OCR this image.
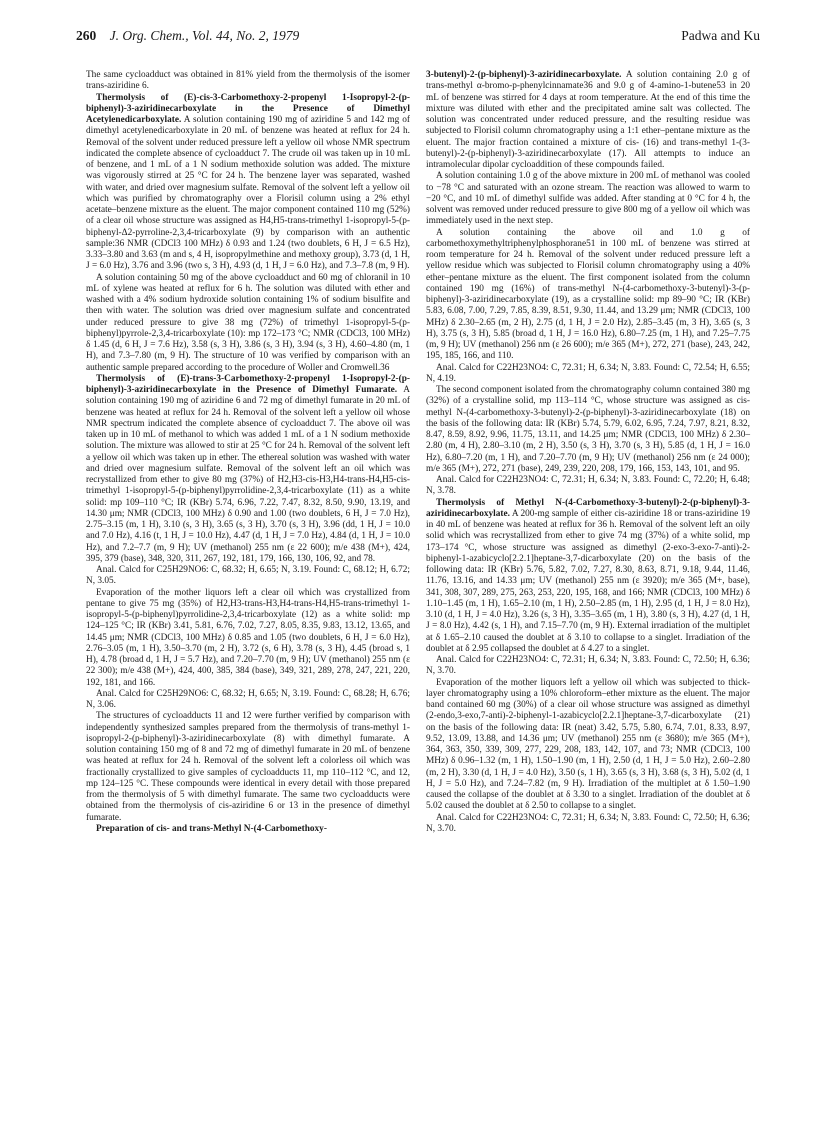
260 J. Org. Chem., Vol. 44, No. 2, 1979	Padwa and Ku

The same cycloadduct was obtained in 81% yield from the thermolysis of the isomer trans-aziridine 6.

Thermolysis of (E)-cis-3-Carbomethoxy-2-propenyl 1-Isopropyl-2-(p-biphenyl)-3-aziridinecarboxylate in the Presence of Dimethyl Acetylenedicarboxylate. A solution containing 190 mg of aziridine 5 and 142 mg of dimethyl acetylenedicarboxylate in 20 mL of benzene was heated at reflux for 24 h. Removal of the solvent under reduced pressure left a yellow oil whose NMR spectrum indicated the complete absence of cycloadduct 7. The crude oil was taken up in 10 mL of benzene, and 1 mL of a 1 N sodium methoxide solution was added. The mixture was vigorously stirred at 25 °C for 24 h. The benzene layer was separated, washed with water, and dried over magnesium sulfate. Removal of the solvent left a yellow oil which was purified by chromatography over a Florisil column using a 2% ethyl acetate–benzene mixture as the eluent. The major component contained 110 mg (52%) of a clear oil whose structure was assigned as H4,H5-trans-trimethyl 1-isopropyl-5-(p-biphenyl-Δ2-pyrroline-2,3,4-tricarboxylate (9) by comparison with an authentic sample:36 NMR (CDCl3 100 MHz) δ 0.93 and 1.24 (two doublets, 6 H, J = 6.5 Hz), 3.33–3.80 and 3.63 (m and s, 4 H, isopropylmethine and methoxy group), 3.73 (d, 1 H, J = 6.0 Hz), 3.76 and 3.96 (two s, 3 H), 4.93 (d, 1 H, J = 6.0 Hz), and 7.3–7.8 (m, 9 H).

A solution containing 50 mg of the above cycloadduct and 60 mg of chloranil in 10 mL of xylene was heated at reflux for 6 h. The solution was diluted with ether and washed with a 4% sodium hydroxide solution containing 1% of sodium bisulfite and then with water. The solution was dried over magnesium sulfate and concentrated under reduced pressure to give 38 mg (72%) of trimethyl 1-isopropyl-5-(p-biphenyl)pyrrole-2,3,4-tricarboxylate (10): mp 172–173 °C; NMR (CDCl3, 100 MHz) δ 1.45 (d, 6 H, J = 7.6 Hz), 3.58 (s, 3 H), 3.86 (s, 3 H), 3.94 (s, 3 H), 4.60–4.80 (m, 1 H), and 7.3–7.80 (m, 9 H). The structure of 10 was verified by comparison with an authentic sample prepared according to the procedure of Woller and Cromwell.36

Thermolysis of (E)-trans-3-Carbomethoxy-2-propenyl 1-Isopropyl-2-(p-biphenyl)-3-aziridinecarboxylate in the Presence of Dimethyl Fumarate. A solution containing 190 mg of aziridine 6 and 72 mg of dimethyl fumarate in 20 mL of benzene was heated at reflux for 24 h. Removal of the solvent left a yellow oil whose NMR spectrum indicated the complete absence of cycloadduct 7. The above oil was taken up in 10 mL of methanol to which was added 1 mL of a 1 N sodium methoxide solution. The mixture was allowed to stir at 25 °C for 24 h. Removal of the solvent left a yellow oil which was taken up in ether. The ethereal solution was washed with water and dried over magnesium sulfate. Removal of the solvent left an oil which was recrystallized from ether to give 80 mg (37%) of H2,H3-cis-H3,H4-trans-H4,H5-cis-trimethyl 1-isopropyl-5-(p-biphenyl)pyrrolidine-2,3,4-tricarboxylate (11) as a white solid: mp 109–110 °C; IR (KBr) 5.74, 6.96, 7.22, 7.47, 8.32, 8.50, 9.90, 13.19, and 14.30 μm; NMR (CDCl3, 100 MHz) δ 0.90 and 1.00 (two doublets, 6 H, J = 7.0 Hz), 2.75–3.15 (m, 1 H), 3.10 (s, 3 H), 3.65 (s, 3 H), 3.70 (s, 3 H), 3.96 (dd, 1 H, J = 10.0 and 7.0 Hz), 4.16 (t, 1 H, J = 10.0 Hz), 4.47 (d, 1 H, J = 7.0 Hz), 4.84 (d, 1 H, J = 10.0 Hz), and 7.2–7.7 (m, 9 H); UV (methanol) 255 nm (ε 22 600); m/e 438 (M+), 424, 395, 379 (base), 348, 320, 311, 267, 192, 181, 179, 166, 130, 106, 92, and 78.

Anal. Calcd for C25H29NO6: C, 68.32; H, 6.65; N, 3.19. Found: C, 68.12; H, 6.72; N, 3.05.

Evaporation of the mother liquors left a clear oil which was crystallized from pentane to give 75 mg (35%) of H2,H3-trans-H3,H4-trans-H4,H5-trans-trimethyl 1-isopropyl-5-(p-biphenyl)pyrrolidine-2,3,4-tricarboxylate (12) as a white solid: mp 124–125 °C; IR (KBr) 3.41, 5.81, 6.76, 7.02, 7.27, 8.05, 8.35, 9.83, 13.12, 13.65, and 14.45 μm; NMR (CDCl3, 100 MHz) δ 0.85 and 1.05 (two doublets, 6 H, J = 6.0 Hz), 2.76–3.05 (m, 1 H), 3.50–3.70 (m, 2 H), 3.72 (s, 6 H), 3.78 (s, 3 H), 4.45 (broad s, 1 H), 4.78 (broad d, 1 H, J = 5.7 Hz), and 7.20–7.70 (m, 9 H); UV (methanol) 255 nm (ε 22 300); m/e 438 (M+), 424, 400, 385, 384 (base), 349, 321, 289, 278, 247, 221, 220, 192, 181, and 166.

Anal. Calcd for C25H29NO6: C, 68.32; H, 6.65; N, 3.19. Found: C, 68.28; H, 6.76; N, 3.06.

The structures of cycloadducts 11 and 12 were further verified by comparison with independently synthesized samples prepared from the thermolysis of trans-methyl 1-isopropyl-2-(p-biphenyl)-3-aziridinecarboxylate (8) with dimethyl fumarate. A solution containing 150 mg of 8 and 72 mg of dimethyl fumarate in 20 mL of benzene was heated at reflux for 24 h. Removal of the solvent left a colorless oil which was fractionally crystallized to give samples of cycloadducts 11, mp 110–112 °C, and 12, mp 124–125 °C. These compounds were identical in every detail with those prepared from the thermolysis of 5 with dimethyl fumarate. The same two cycloadducts were obtained from the thermolysis of cis-aziridine 6 or 13 in the presence of dimethyl fumarate.

Preparation of cis- and trans-Methyl N-(4-Carbomethoxy-

3-butenyl)-2-(p-biphenyl)-3-aziridinecarboxylate. A solution containing 2.0 g of trans-methyl α-bromo-p-phenylcinnamate36 and 9.0 g of 4-amino-1-butene53 in 20 mL of benzene was stirred for 4 days at room temperature. At the end of this time the mixture was diluted with ether and the precipitated amine salt was collected. The solution was concentrated under reduced pressure, and the resulting residue was subjected to Florisil column chromatography using a 1:1 ether–pentane mixture as the eluent. The major fraction contained a mixture of cis- (16) and trans-methyl 1-(3-butenyl)-2-(p-biphenyl)-3-aziridinecarboxylate (17). All attempts to induce an intramolecular dipolar cycloaddition of these compounds failed.

A solution containing 1.0 g of the above mixture in 200 mL of methanol was cooled to −78 °C and saturated with an ozone stream. The reaction was allowed to warm to −20 °C, and 10 mL of dimethyl sulfide was added. After standing at 0 °C for 4 h, the solvent was removed under reduced pressure to give 800 mg of a yellow oil which was immediately used in the next step.

A solution containing the above oil and 1.0 g of carbomethoxymethyltriphenylphosphorane51 in 100 mL of benzene was stirred at room temperature for 24 h. Removal of the solvent under reduced pressure left a yellow residue which was subjected to Florisil column chromatography using a 40% ether–pentane mixture as the eluent. The first component isolated from the column contained 190 mg (16%) of trans-methyl N-(4-carbomethoxy-3-butenyl)-3-(p-biphenyl)-3-aziridinecarboxylate (19), as a crystalline solid: mp 89–90 °C; IR (KBr) 5.83, 6.08, 7.00, 7.29, 7.85, 8.39, 8.51, 9.30, 11.44, and 13.29 μm; NMR (CDCl3, 100 MHz) δ 2.30–2.65 (m, 2 H), 2.75 (d, 1 H, J = 2.0 Hz), 2.85–3.45 (m, 3 H), 3.65 (s, 3 H), 3.75 (s, 3 H), 5.85 (broad d, 1 H, J = 16.0 Hz), 6.80–7.25 (m, 1 H), and 7.25–7.75 (m, 9 H); UV (methanol) 256 nm (ε 26 600); m/e 365 (M+), 272, 271 (base), 243, 242, 195, 185, 166, and 110.

Anal. Calcd for C22H23NO4: C, 72.31; H, 6.34; N, 3.83. Found: C, 72.54; H, 6.55; N, 4.19.

The second component isolated from the chromatography column contained 380 mg (32%) of a crystalline solid, mp 113–114 °C, whose structure was assigned as cis-methyl N-(4-carbomethoxy-3-butenyl)-2-(p-biphenyl)-3-aziridinecarboxylate (18) on the basis of the following data: IR (KBr) 5.74, 5.79, 6.02, 6.95, 7.24, 7.97, 8.21, 8.32, 8.47, 8.59, 8.92, 9.96, 11.75, 13.11, and 14.25 μm; NMR (CDCl3, 100 MHz) δ 2.30–2.80 (m, 4 H), 2.80–3.10 (m, 2 H), 3.50 (s, 3 H), 3.70 (s, 3 H), 5.85 (d, 1 H, J = 16.0 Hz), 6.80–7.20 (m, 1 H), and 7.20–7.70 (m, 9 H); UV (methanol) 256 nm (ε 24 000); m/e 365 (M+), 272, 271 (base), 249, 239, 220, 208, 179, 166, 153, 143, 101, and 95.

Anal. Calcd for C22H23NO4: C, 72.31; H, 6.34; N, 3.83. Found: C, 72.20; H, 6.48; N, 3.78.

Thermolysis of Methyl N-(4-Carbomethoxy-3-butenyl)-2-(p-biphenyl)-3-aziridinecarboxylate. A 200-mg sample of either cis-aziridine 18 or trans-aziridine 19 in 40 mL of benzene was heated at reflux for 36 h. Removal of the solvent left an oily solid which was recrystallized from ether to give 74 mg (37%) of a white solid, mp 173–174 °C, whose structure was assigned as dimethyl (2-exo-3-exo-7-anti)-2-biphenyl-1-azabicyclo[2.2.1]heptane-3,7-dicarboxylate (20) on the basis of the following data: IR (KBr) 5.76, 5.82, 7.02, 7.27, 8.30, 8.63, 8.71, 9.18, 9.44, 11.46, 11.76, 13.16, and 14.33 μm; UV (methanol) 255 nm (ε 3920); m/e 365 (M+, base), 341, 308, 307, 289, 275, 263, 253, 220, 195, 168, and 166; NMR (CDCl3, 100 MHz) δ 1.10–1.45 (m, 1 H), 1.65–2.10 (m, 1 H), 2.50–2.85 (m, 1 H), 2.95 (d, 1 H, J = 8.0 Hz), 3.10 (d, 1 H, J = 4.0 Hz), 3.26 (s, 3 H), 3.35–3.65 (m, 1 H), 3.80 (s, 3 H), 4.27 (d, 1 H, J = 8.0 Hz), 4.42 (s, 1 H), and 7.15–7.70 (m, 9 H). External irradiation of the multiplet at δ 1.65–2.10 caused the doublet at δ 3.10 to collapse to a singlet. Irradiation of the doublet at δ 2.95 collapsed the doublet at δ 4.27 to a singlet.

Anal. Calcd for C22H23NO4: C, 72.31; H, 6.34; N, 3.83. Found: C, 72.50; H, 6.36; N, 3.70.

Evaporation of the mother liquors left a yellow oil which was subjected to thick-layer chromatography using a 10% chloroform–ether mixture as the eluent. The major band contained 60 mg (30%) of a clear oil whose structure was assigned as dimethyl (2-endo,3-exo,7-anti)-2-biphenyl-1-azabicyclo[2.2.1]heptane-3,7-dicarboxylate (21) on the basis of the following data: IR (neat) 3.42, 5.75, 5.80, 6.74, 7.01, 8.33, 8.97, 9.52, 13.09, 13.88, and 14.36 μm; UV (methanol) 255 nm (ε 3680); m/e 365 (M+), 364, 363, 350, 339, 309, 277, 229, 208, 183, 142, 107, and 73; NMR (CDCl3, 100 MHz) δ 0.96–1.32 (m, 1 H), 1.50–1.90 (m, 1 H), 2.50 (d, 1 H, J = 5.0 Hz), 2.60–2.80 (m, 2 H), 3.30 (d, 1 H, J = 4.0 Hz), 3.50 (s, 1 H), 3.65 (s, 3 H), 3.68 (s, 3 H), 5.02 (d, 1 H, J = 5.0 Hz), and 7.24–7.82 (m, 9 H). Irradiation of the multiplet at δ 1.50–1.90 caused the collapse of the doublet at δ 3.30 to a singlet. Irradiation of the doublet at δ 5.02 caused the doublet at δ 2.50 to collapse to a singlet.

Anal. Calcd for C22H23NO4: C, 72.31; H, 6.34; N, 3.83. Found: C, 72.50; H, 6.36; N, 3.70.
